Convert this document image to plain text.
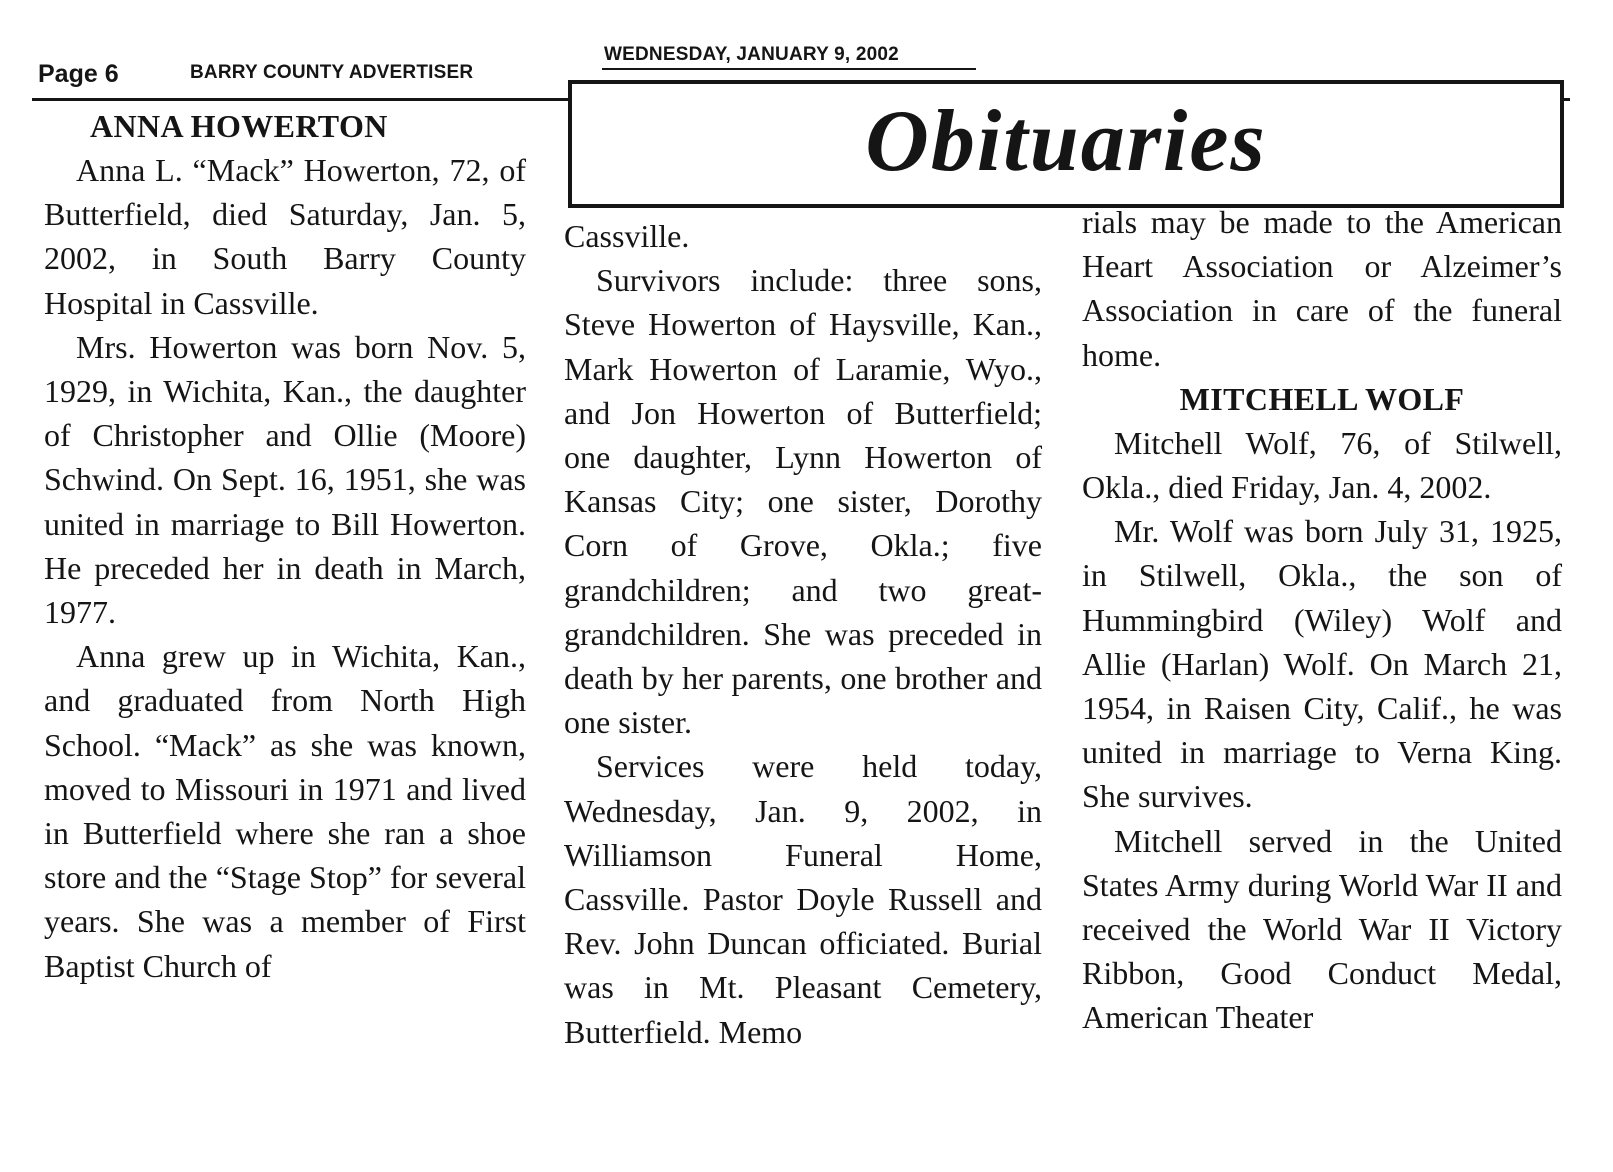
Page 6	BARRY COUNTY ADVERTISER
WEDNESDAY, JANUARY 9, 2002
Obituaries
ANNA HOWERTON

Anna L. “Mack” Howerton, 72, of Butterfield, died Saturday, Jan. 5, 2002, in South Barry County Hospital in Cassville.

Mrs. Howerton was born Nov. 5, 1929, in Wichita, Kan., the daughter of Christopher and Ollie (Moore) Schwind. On Sept. 16, 1951, she was united in marriage to Bill Howerton. He preceded her in death in March, 1977.

Anna grew up in Wichita, Kan., and graduated from North High School. “Mack” as she was known, moved to Missouri in 1971 and lived in Butterfield where she ran a shoe store and the “Stage Stop” for several years. She was a member of First Baptist Church of

Cassville.

Survivors include: three sons, Steve Howerton of Haysville, Kan., Mark Howerton of Laramie, Wyo., and Jon Howerton of Butterfield; one daughter, Lynn Howerton of Kansas City; one sister, Dorothy Corn of Grove, Okla.; five grandchildren; and two great-grandchildren. She was preceded in death by her parents, one brother and one sister.

Services were held today, Wednesday, Jan. 9, 2002, in Williamson Funeral Home, Cassville. Pastor Doyle Russell and Rev. John Duncan officiated. Burial was in Mt. Pleasant Cemetery, Butterfield. Memo

rials may be made to the American Heart Association or Alzeimer’s Association in care of the funeral home.

MITCHELL WOLF

Mitchell Wolf, 76, of Stilwell, Okla., died Friday, Jan. 4, 2002.

Mr. Wolf was born July 31, 1925, in Stilwell, Okla., the son of Hummingbird (Wiley) Wolf and Allie (Harlan) Wolf. On March 21, 1954, in Raisen City, Calif., he was united in marriage to Verna King. She survives.

Mitchell served in the United States Army during World War II and received the World War II Victory Ribbon, Good Conduct Medal, American Theater
